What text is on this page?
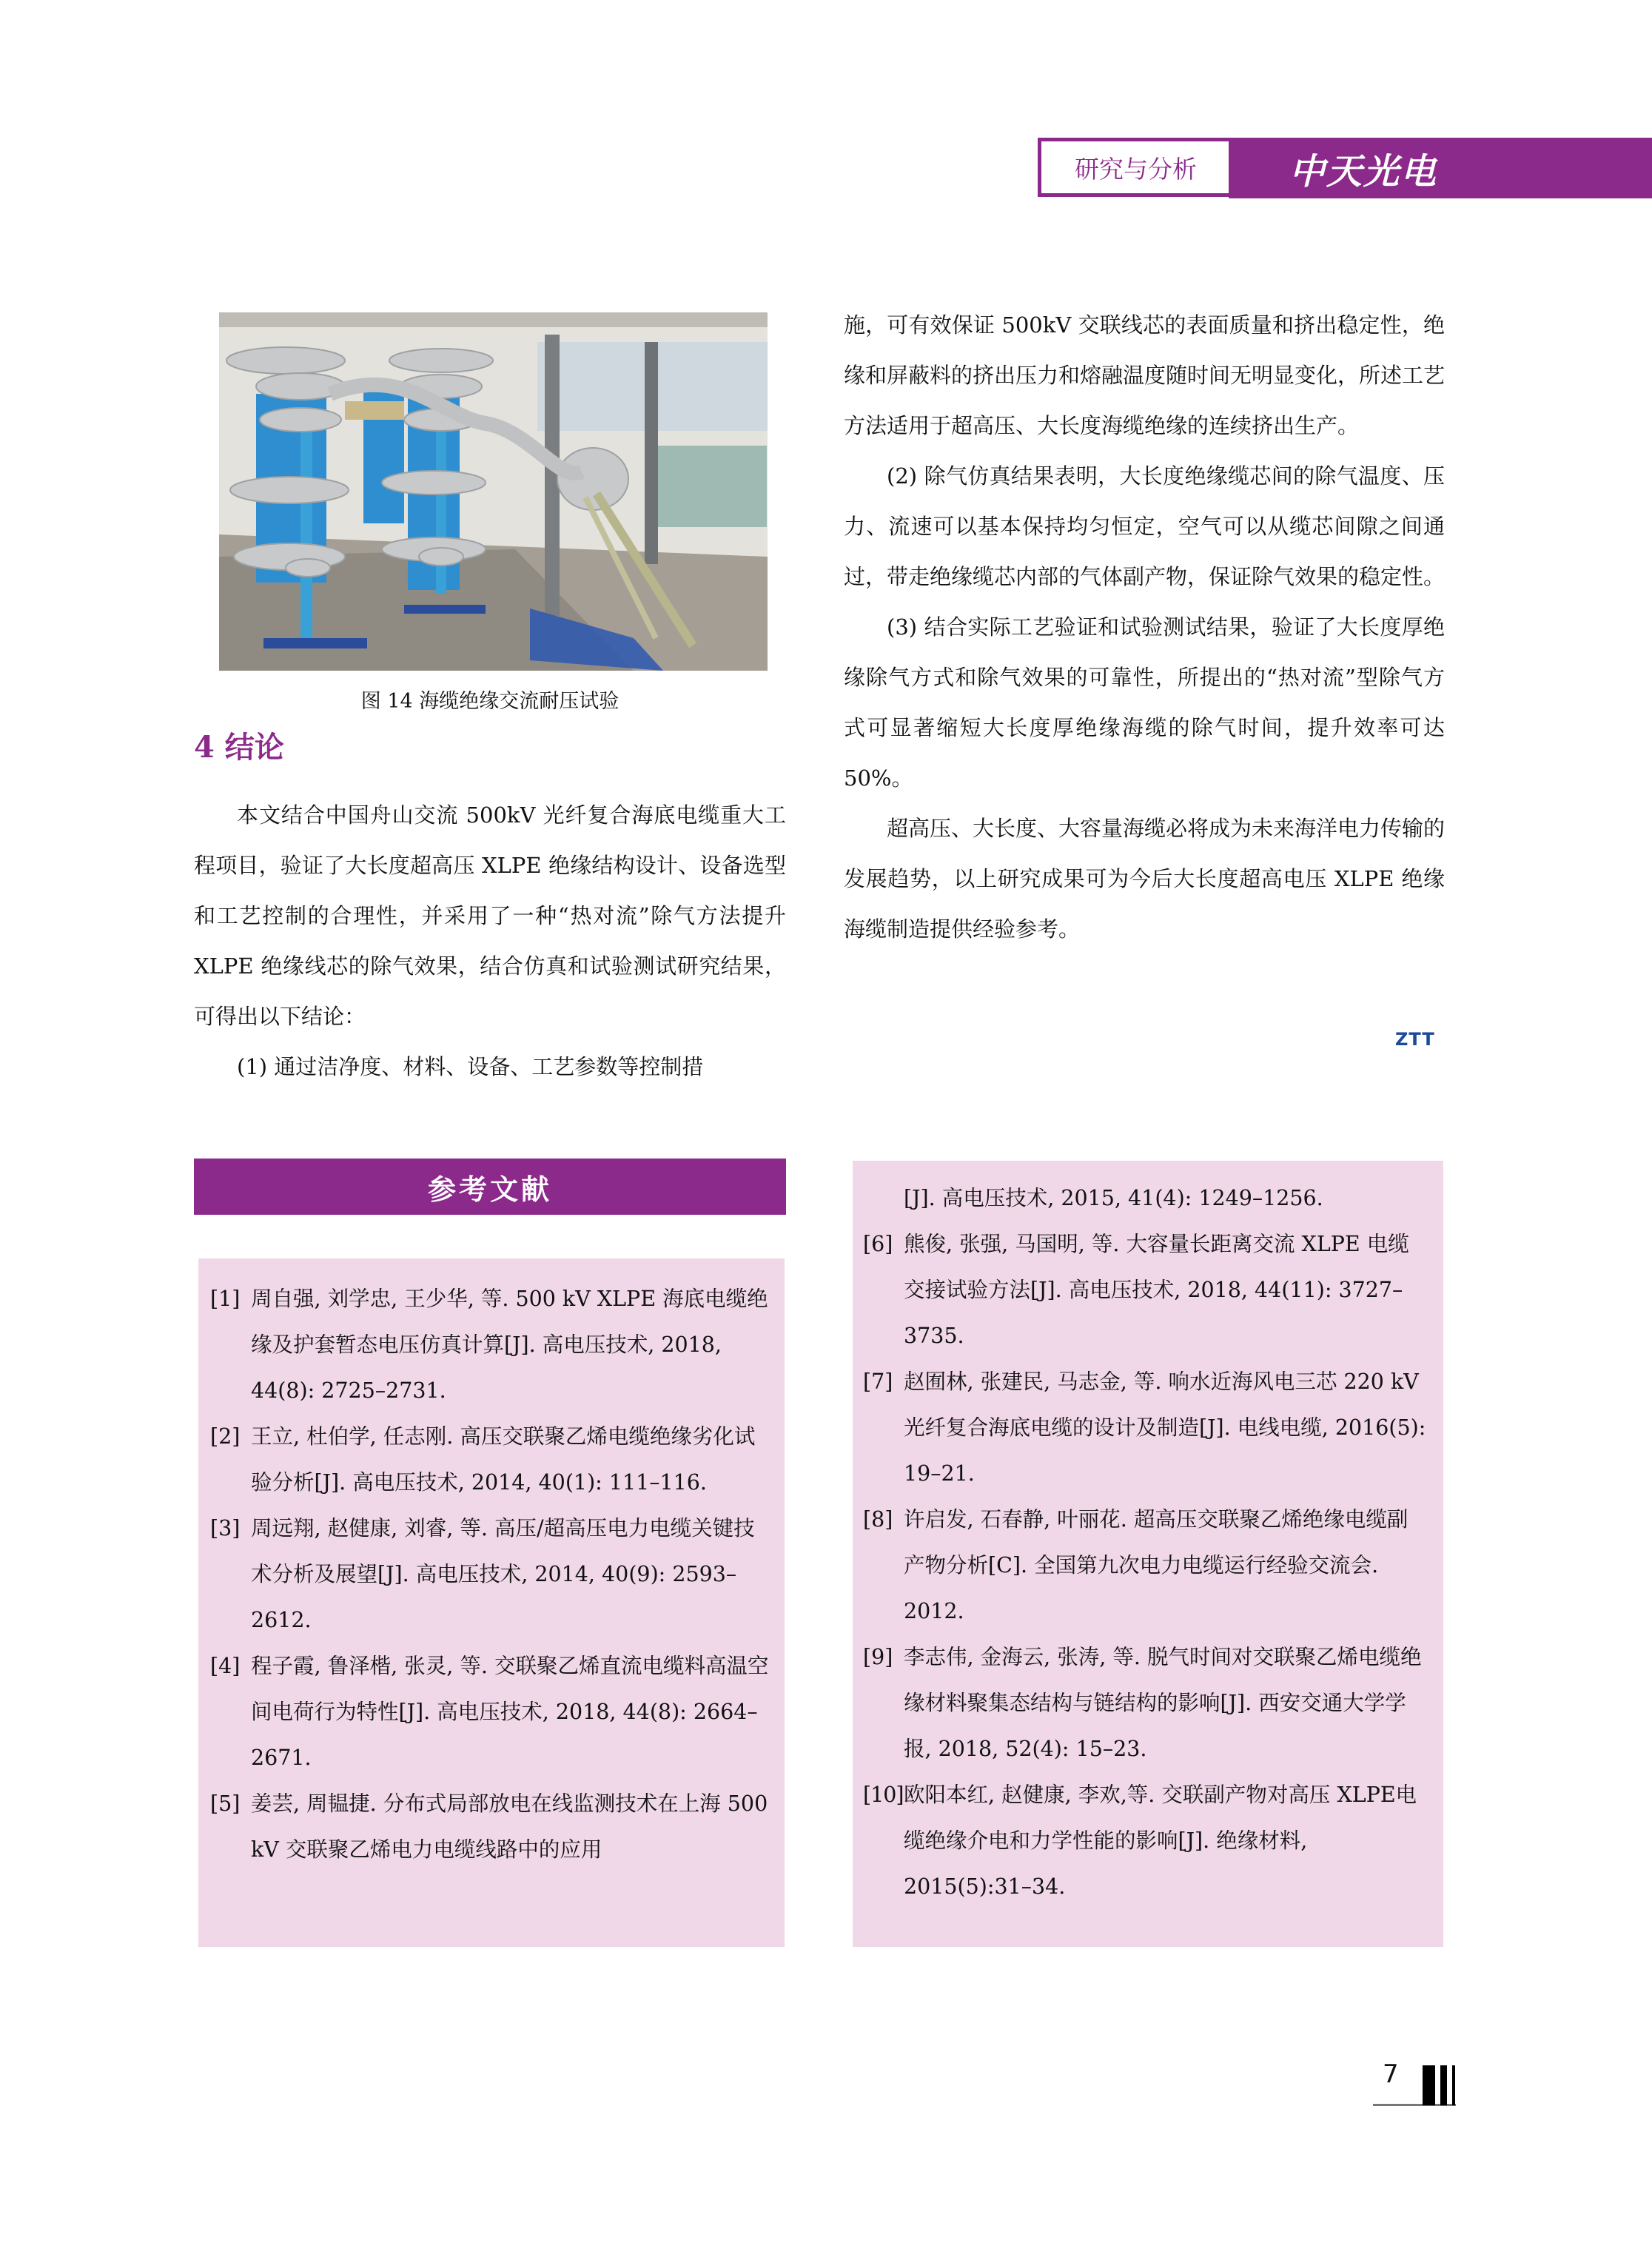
研究与分析	中天光电
图 14 海缆绝缘交流耐压试验
4 结论

本文结合中国舟山交流 500kV 光纤复合海底电缆重大工程项目，验证了大长度超高压 XLPE 绝缘结构设计、设备选型和工艺控制的合理性，并采用了一种“热对流”除气方法提升 XLPE 绝缘线芯的除气效果，结合仿真和试验测试研究结果，可得出以下结论：

(1) 通过洁净度、材料、设备、工艺参数等控制措

施，可有效保证 500kV 交联线芯的表面质量和挤出稳定性，绝缘和屏蔽料的挤出压力和熔融温度随时间无明显变化，所述工艺方法适用于超高压、大长度海缆绝缘的连续挤出生产。

(2) 除气仿真结果表明，大长度绝缘缆芯间的除气温度、压力、流速可以基本保持均匀恒定，空气可以从缆芯间隙之间通过，带走绝缘缆芯内部的气体副产物，保证除气效果的稳定性。

(3) 结合实际工艺验证和试验测试结果，验证了大长度厚绝缘除气方式和除气效果的可靠性，所提出的“热对流”型除气方式可显著缩短大长度厚绝缘海缆的除气时间，提升效率可达 50%。

超高压、大长度、大容量海缆必将成为未来海洋电力传输的发展趋势，以上研究成果可为今后大长度超高电压 XLPE 绝缘海缆制造提供经验参考。

ZTT
参考文献
[1] 周自强, 刘学忠, 王少华, 等. 500 kV XLPE 海底电缆绝缘及护套暂态电压仿真计算[J]. 高电压技术, 2018, 44(8): 2725–2731.
[2] 王立, 杜伯学, 任志刚. 高压交联聚乙烯电缆绝缘劣化试验分析[J]. 高电压技术, 2014, 40(1): 111–116.
[3] 周远翔, 赵健康, 刘睿, 等. 高压/超高压电力电缆关键技术分析及展望[J]. 高电压技术, 2014, 40(9): 2593–2612.
[4] 程子霞, 鲁泽楷, 张灵, 等. 交联聚乙烯直流电缆料高温空间电荷行为特性[J]. 高电压技术, 2018, 44(8): 2664–2671.
[5] 姜芸, 周韫捷. 分布式局部放电在线监测技术在上海 500 kV 交联聚乙烯电力电缆线路中的应用
[J]. 高电压技术, 2015, 41(4): 1249–1256.
[6] 熊俊, 张强, 马国明, 等. 大容量长距离交流 XLPE 电缆交接试验方法[J]. 高电压技术, 2018, 44(11): 3727–3735.
[7] 赵囿林, 张建民, 马志金, 等. 响水近海风电三芯 220 kV 光纤复合海底电缆的设计及制造[J]. 电线电缆, 2016(5): 19–21.
[8] 许启发, 石春静, 叶丽花. 超高压交联聚乙烯绝缘电缆副产物分析[C]. 全国第九次电力电缆运行经验交流会. 2012.
[9] 李志伟, 金海云, 张涛, 等. 脱气时间对交联聚乙烯电缆绝缘材料聚集态结构与链结构的影响[J]. 西安交通大学学报, 2018, 52(4): 15–23.
[10] 欧阳本红, 赵健康, 李欢,等. 交联副产物对高压 XLPE电缆绝缘介电和力学性能的影响[J]. 绝缘材料, 2015(5):31–34.
7
